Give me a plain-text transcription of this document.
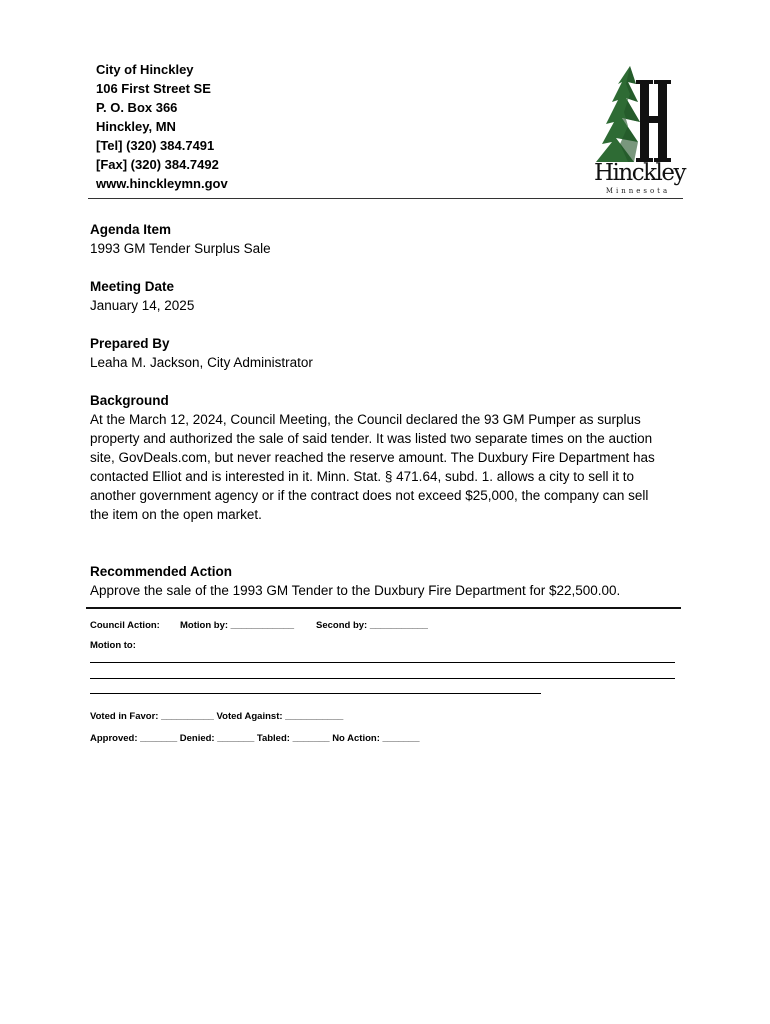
City of Hinckley
106 First Street SE
P. O. Box 366
Hinckley, MN
[Tel] (320) 384.7491
[Fax] (320) 384.7492
www.hinckleymn.gov	Hinckley
Minnesota
Agenda Item
1993 GM Tender Surplus Sale
Meeting Date
January 14, 2025
Prepared By
Leaha M. Jackson, City Administrator
Background
At the March 12, 2024, Council Meeting, the Council declared the 93 GM Pumper as surplus
property and authorized the sale of said tender. It was listed two separate times on the auction
site, GovDeals.com, but never reached the reserve amount. The Duxbury Fire Department has
contacted Elliot and is interested in it. Minn. Stat. § 471.64, subd. 1. allows a city to sell it to
another government agency or if the contract does not exceed $25,000, the company can sell
the item on the open market.
Recommended Action
Approve the sale of the 1993 GM Tender to the Duxbury Fire Department for $22,500.00.
Council Action: Motion by: ____________ Second by: ___________
Motion to:
Voted in Favor: __________ Voted Against: ___________
Approved: _______ Denied: _______ Tabled: _______ No Action: _______
